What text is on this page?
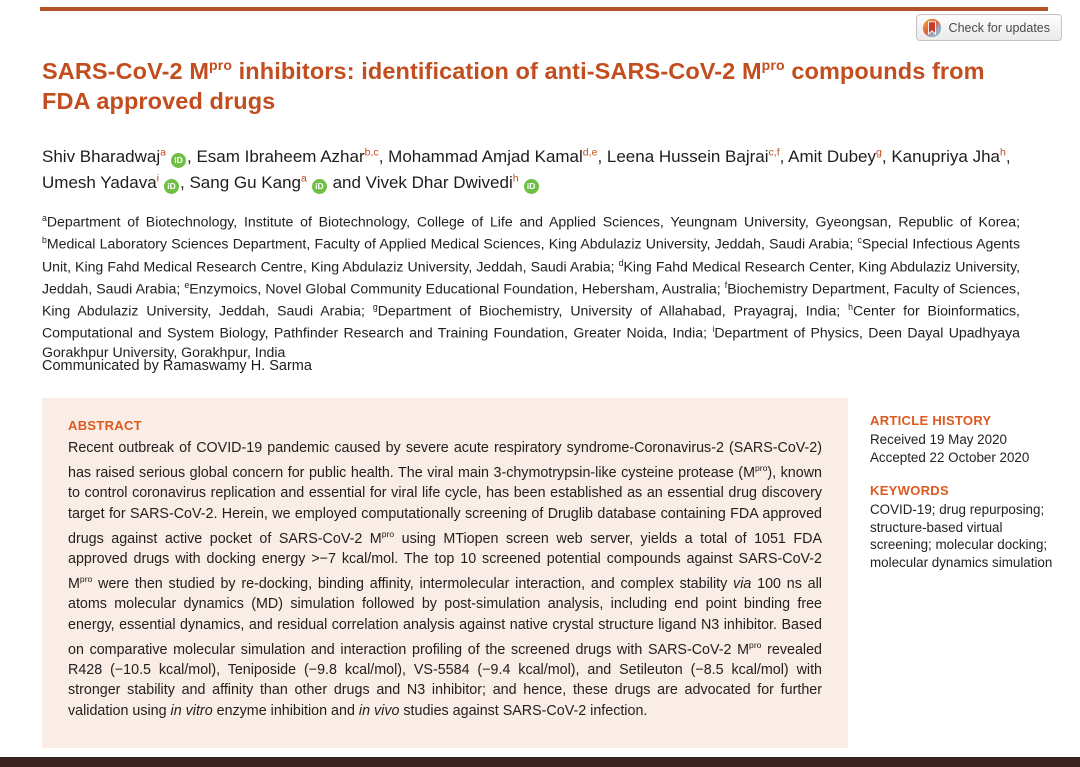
Check for updates
SARS-CoV-2 $M^{pro}$ inhibitors: identification of anti-SARS-CoV-2 $M^{pro}$ compounds from FDA approved drugs

Shiv Bharadwaj$^a$iD , Esam Ibraheem Azhar$^{b,c}$, Mohammad Amjad Kamal$^{d,e}$, Leena Hussein Bajrai$^{c,f}$, Amit Dubey$^g$, Kanupriya Jha$^h$, Umesh Yadava$^i$iD , Sang Gu Kang$^a$iD and Vivek Dhar Dwivedi$^h$iD

$^a$Department of Biotechnology, Institute of Biotechnology, College of Life and Applied Sciences, Yeungnam University, Gyeongsan, Republic of Korea; $^b$Medical Laboratory Sciences Department, Faculty of Applied Medical Sciences, King Abdulaziz University, Jeddah, Saudi Arabia; $^c$Special Infectious Agents Unit, King Fahd Medical Research Centre, King Abdulaziz University, Jeddah, Saudi Arabia; $^d$King Fahd Medical Research Center, King Abdulaziz University, Jeddah, Saudi Arabia; $^e$Enzymoics, Novel Global Community Educational Foundation, Hebersham, Australia; $^f$Biochemistry Department, Faculty of Sciences, King Abdulaziz University, Jeddah, Saudi Arabia; $^g$Department of Biochemistry, University of Allahabad, Prayagraj, India; $^h$Center for Bioinformatics, Computational and System Biology, Pathfinder Research and Training Foundation, Greater Noida, India; $^i$Department of Physics, Deen Dayal Upadhyaya Gorakhpur University, Gorakhpur, India

Communicated by Ramaswamy H. Sarma

ABSTRACT

Recent outbreak of COVID-19 pandemic caused by severe acute respiratory syndrome-Coronavirus-2 (SARS-CoV-2) has raised serious global concern for public health. The viral main 3-chymotrypsin-like cysteine protease $(M^{pro})$, known to control coronavirus replication and essential for viral life cycle, has been established as an essential drug discovery target for SARS-CoV-2. Herein, we employed computationally screening of Druglib database containing FDA approved drugs against active pocket of SARS-CoV-2 $M^{pro}$ using MTiopen screen web server, yields a total of 1051 FDA approved drugs with docking energy >−7 kcal/mol. The top 10 screened potential compounds against SARS-CoV-2 $M^{pro}$ were then studied by re-docking, binding affinity, intermolecular interaction, and complex stability via 100 ns all atoms molecular dynamics (MD) simulation followed by post-simulation analysis, including end point binding free energy, essential dynamics, and residual correlation analysis against native crystal structure ligand N3 inhibitor. Based on comparative molecular simulation and interaction profiling of the screened drugs with SARS-CoV-2 $M^{pro}$ revealed R428 (−10.5 kcal/mol), Teniposide (−9.8 kcal/mol), VS-5584 (−9.4 kcal/mol), and Setileuton (−8.5 kcal/mol) with stronger stability and affinity than other drugs and N3 inhibitor; and hence, these drugs are advocated for further validation using in vitro enzyme inhibition and in vivo studies against SARS-CoV-2 infection.

ARTICLE HISTORY

Received 19 May 2020

Accepted 22 October 2020

KEYWORDS

COVID-19; drug repurposing; structure-based virtual screening; molecular docking; molecular dynamics simulation
